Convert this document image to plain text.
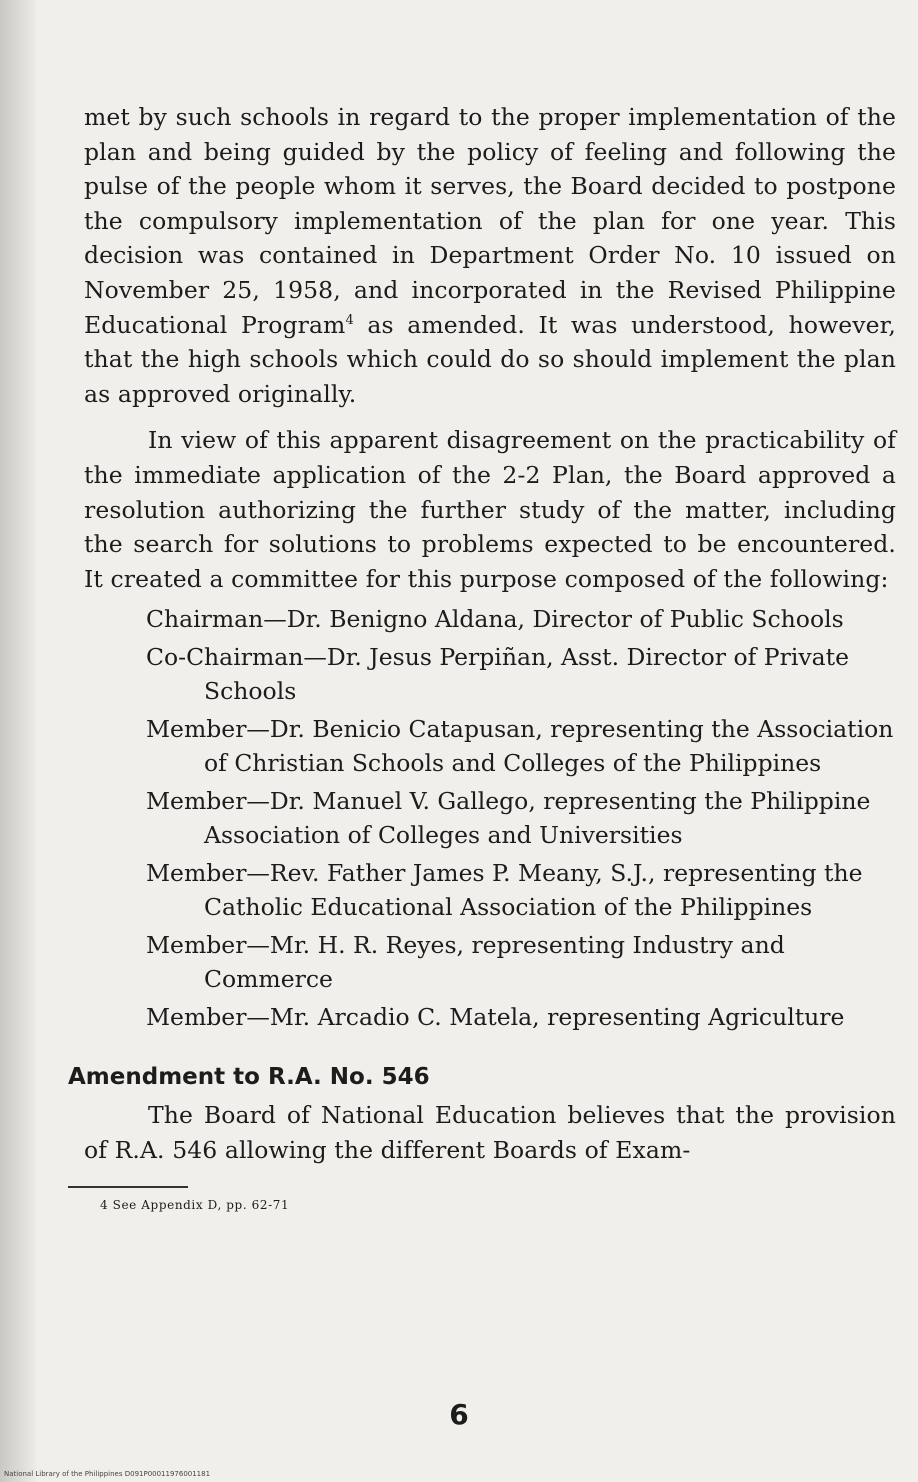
met by such schools in regard to the proper implementation of the plan and being guided by the policy of feeling and following the pulse of the people whom it serves, the Board decided to postpone the compulsory implementation of the plan for one year. This decision was contained in Department Order No. 10 issued on November 25, 1958, and incorporated in the Revised Philippine Educational Program$^4$ as amended. It was understood, however, that the high schools which could do so should implement the plan as approved originally.

In view of this apparent disagreement on the practicability of the immediate application of the 2-2 Plan, the Board approved a resolution authorizing the further study of the matter, including the search for solutions to problems expected to be encountered. It created a committee for this purpose composed of the following:

Chairman—Dr. Benigno Aldana, Director of Public Schools
Co-Chairman—Dr. Jesus Perpiñan, Asst. Director of Private Schools
Member—Dr. Benicio Catapusan, representing the Association of Christian Schools and Colleges of the Philippines
Member—Dr. Manuel V. Gallego, representing the Philippine Association of Colleges and Universities
Member—Rev. Father James P. Meany, S.J., representing the Catholic Educational Association of the Philippines
Member—Mr. H. R. Reyes, representing Industry and Commerce
Member—Mr. Arcadio C. Matela, representing Agriculture
Amendment to R.A. No. 546

The Board of National Education believes that the provision of R.A. 546 allowing the different Boards of Exam-

4 See Appendix D, pp. 62-71
6
National Library of the Philippines D091P00011976001181
